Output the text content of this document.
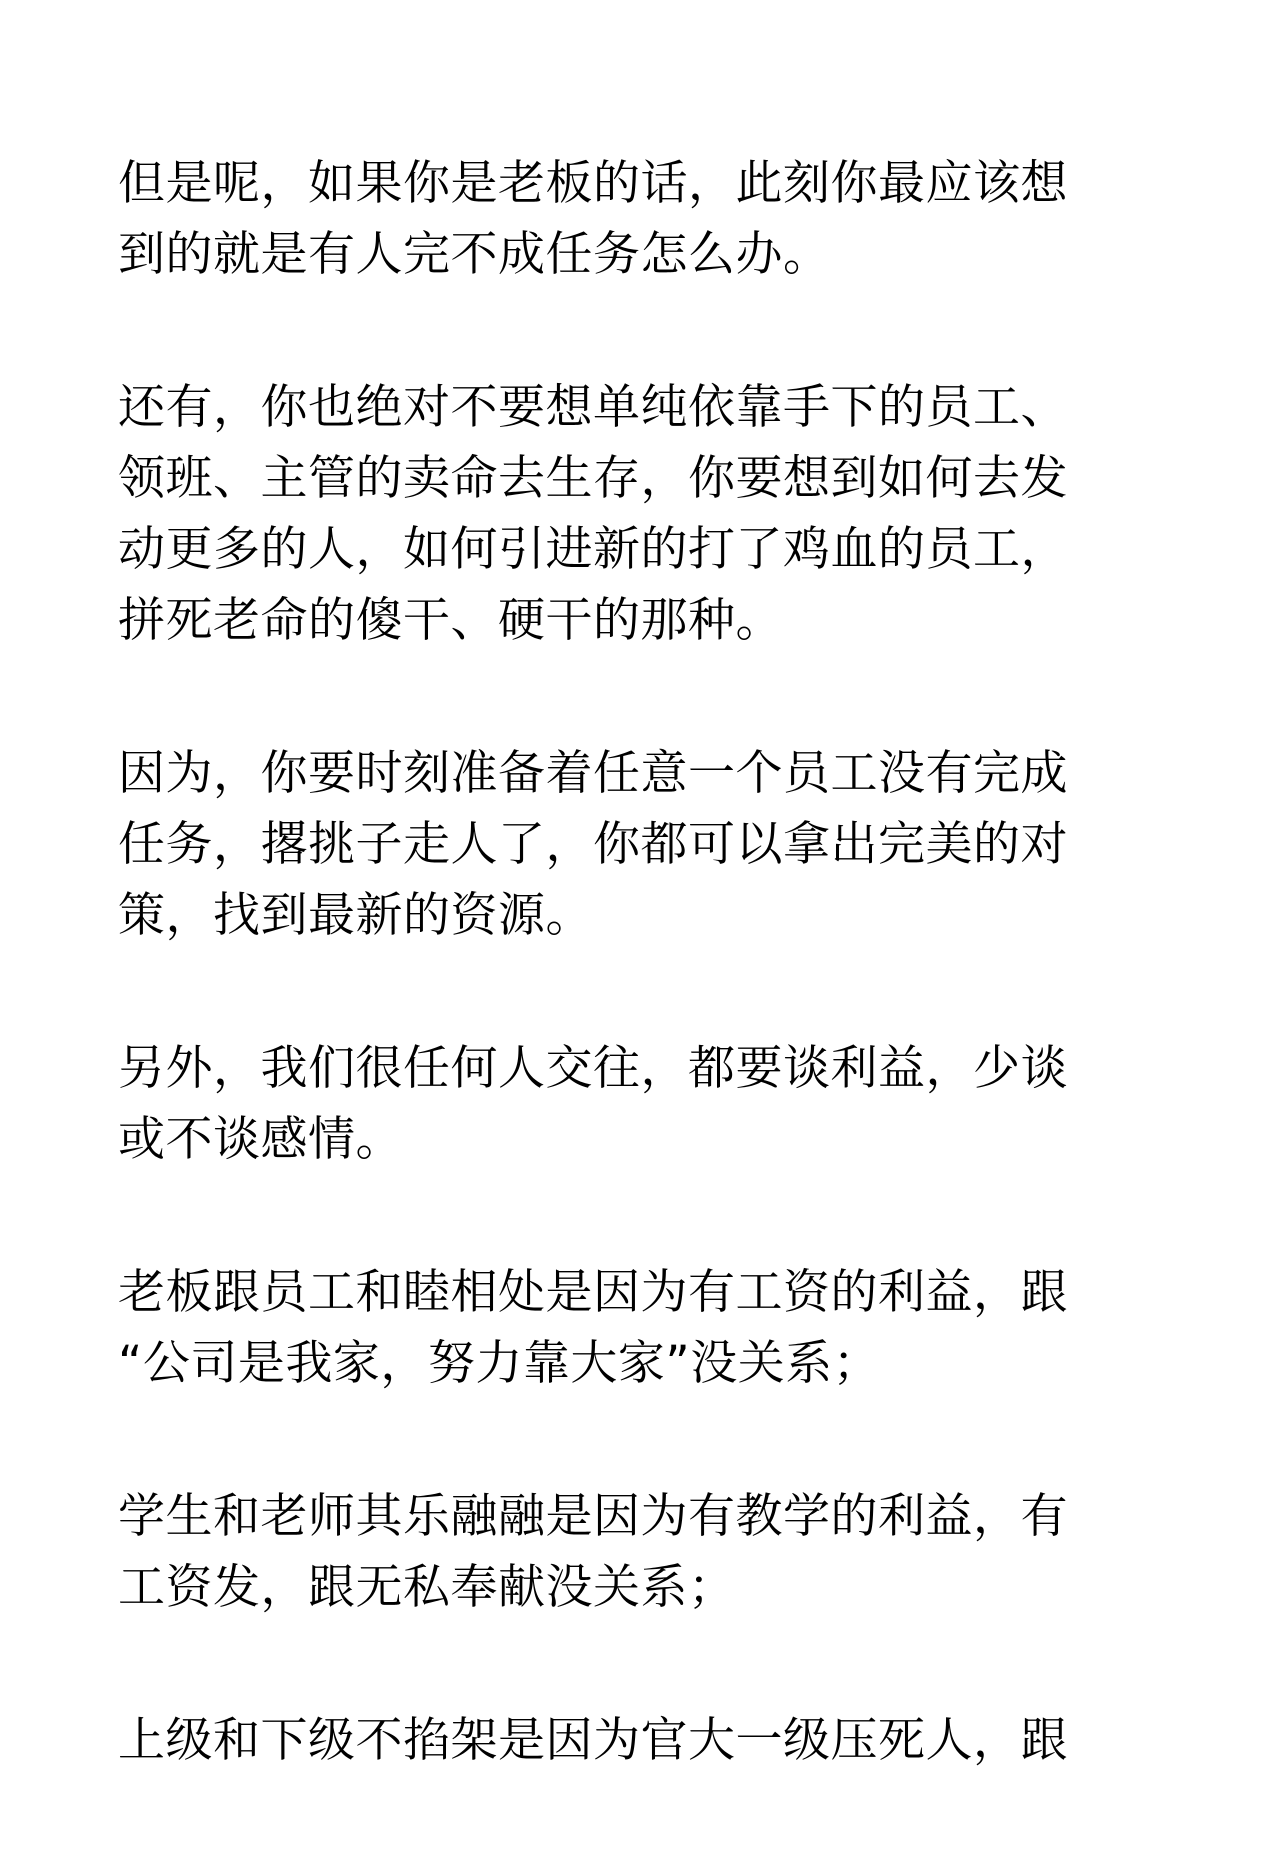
但是呢，如果你是老板的话，此刻你最应该想
到的就是有人完不成任务怎么办。

还有，你也绝对不要想单纯依靠手下的员工、
领班、主管的卖命去生存，你要想到如何去发
动更多的人，如何引进新的打了鸡血的员工，
拼死老命的傻干、硬干的那种。

因为，你要时刻准备着任意一个员工没有完成
任务，撂挑子走人了，你都可以拿出完美的对
策，找到最新的资源。

另外，我们很任何人交往，都要谈利益，少谈
或不谈感情。

老板跟员工和睦相处是因为有工资的利益，跟
“公司是我家，努力靠大家”没关系；

学生和老师其乐融融是因为有教学的利益，有
工资发，跟无私奉献没关系；

上级和下级不掐架是因为官大一级压死人，跟
